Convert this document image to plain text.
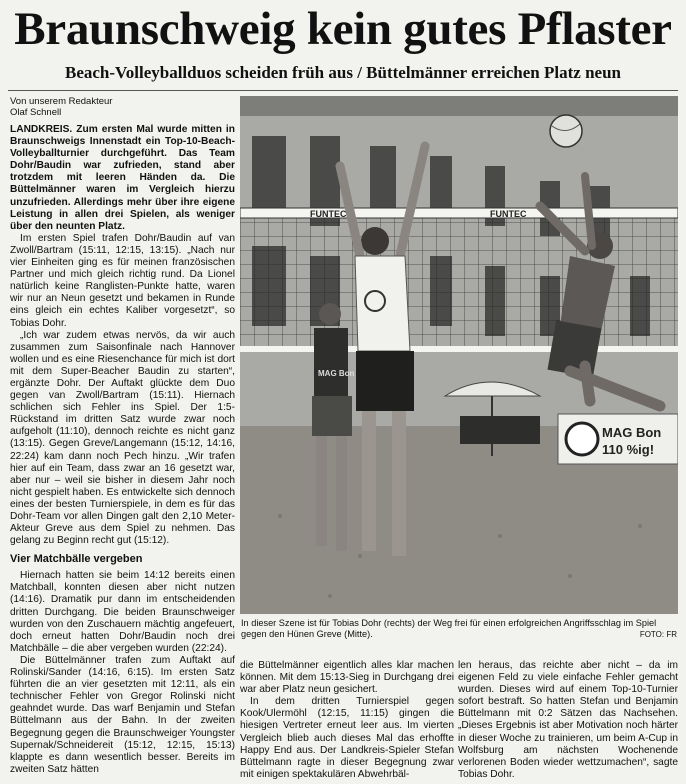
Braunschweig kein gutes Pflaster
Beach-Volleyballduos scheiden früh aus / Büttelmänner erreichen Platz neun
Von unserem Redakteur
Olaf Schnell

LANDKREIS. Zum ersten Mal wurde mitten in Braunschweigs Innenstadt ein Top-10-Beach-Volleyballturnier durchgeführt. Das Team Dohr/Baudin war zufrieden, stand aber trotzdem mit leeren Händen da. Die Büttelmänner waren im Vergleich hierzu unzufrieden. Allerdings mehr über ihre eigene Leistung in allen drei Spielen, als weniger über den neunten Platz.

Im ersten Spiel trafen Dohr/Baudin auf van Zwoll/Bartram (15:11, 12:15, 13:15). „Nach nur vier Einheiten ging es für meinen französischen Partner und mich gleich richtig rund. Da Lionel natürlich keine Ranglisten-Punkte hatte, waren wir nur an Neun gesetzt und bekamen in Runde eins gleich ein echtes Kaliber vorgesetzt“, so Tobias Dohr.

„Ich war zudem etwas nervös, da wir auch zusammen zum Saisonfinale nach Hannover wollen und es eine Riesenchance für mich ist dort mit dem Super-Beacher Baudin zu starten“, ergänzte Dohr. Der Auftakt glückte dem Duo gegen van Zwoll/Bartram (15:11). Hiernach schlichen sich Fehler ins Spiel. Der 1:5-Rückstand im dritten Satz wurde zwar noch aufgeholt (11:10), dennoch reichte es nicht ganz (13:15). Gegen Greve/Langemann (15:12, 14:16, 22:24) kam dann noch Pech hinzu. „Wir trafen hier auf ein Team, dass zwar an 16 gesetzt war, aber nur – weil sie bisher in diesem Jahr noch nicht gespielt haben. Es entwickelte sich dennoch eines der besten Turnierspiele, in dem es für das Dohr-Team vor allen Dingen galt den 2,10 Meter-Akteur Greve aus dem Spiel zu nehmen. Das gelang zu Beginn recht gut (15:12).

Vier Matchbälle vergeben

Hiernach hatten sie beim 14:12 bereits einen Matchball, konnten diesen aber nicht nutzen (14:16). Dramatik pur dann im entscheidenden dritten Durchgang. Die beiden Braunschweiger wurden von den Zuschauern mächtig angefeuert, doch erneut hatten Dohr/Baudin noch drei Matchbälle – die aber vergeben wurden (22:24).

Die Büttelmänner trafen zum Auftakt auf Rolinski/Sander (14:16, 6:15). Im ersten Satz führten die an vier gesetzten mit 12:11, als ein technischer Fehler von Gregor Rolinski nicht geahndet wurde. Das warf Benjamin und Stefan Büttelmann aus der Bahn. In der zweiten Begegnung gegen die Braunschweiger Youngster Supernak/Schneidereit (15:12, 12:15, 15:13) klappte es dann wesentlich besser. Bereits im zweiten Satz hätten

MAG Bon
110 %ig!
FUNTEC	FUNTEC
MAG Bon
In dieser Szene ist für Tobias Dohr (rechts) der Weg frei für einen erfolgreichen Angriffsschlag im Spiel gegen den Hünen Greve (Mitte).	FOTO: FR

die Büttelmänner eigentlich alles klar machen können. Mit dem 15:13-Sieg in Durchgang drei war aber Platz neun gesichert.

In dem dritten Turnierspiel gegen Kook/Ulermöhl (12:15, 11:15) gingen die hiesigen Vertreter erneut leer aus. Im vierten Vergleich blieb auch dieses Mal das erhoffte Happy End aus. Der Landkreis-Spieler Stefan Büttelmann ragte in dieser Begegnung zwar mit einigen spektakulären Abwehrbäl-

len heraus, das reichte aber nicht – da im eigenen Feld zu viele einfache Fehler gemacht wurden. Dieses wird auf einem Top-10-Turnier sofort bestraft. So hatten Stefan und Benjamin Büttelmann mit 0:2 Sätzen das Nachsehen. „Dieses Ergebnis ist aber Motivation noch härter in dieser Woche zu trainieren, um beim A-Cup in Wolfsburg am nächsten Wochenende verlorenen Boden wieder wettzumachen“, sagte Tobias Dohr.
